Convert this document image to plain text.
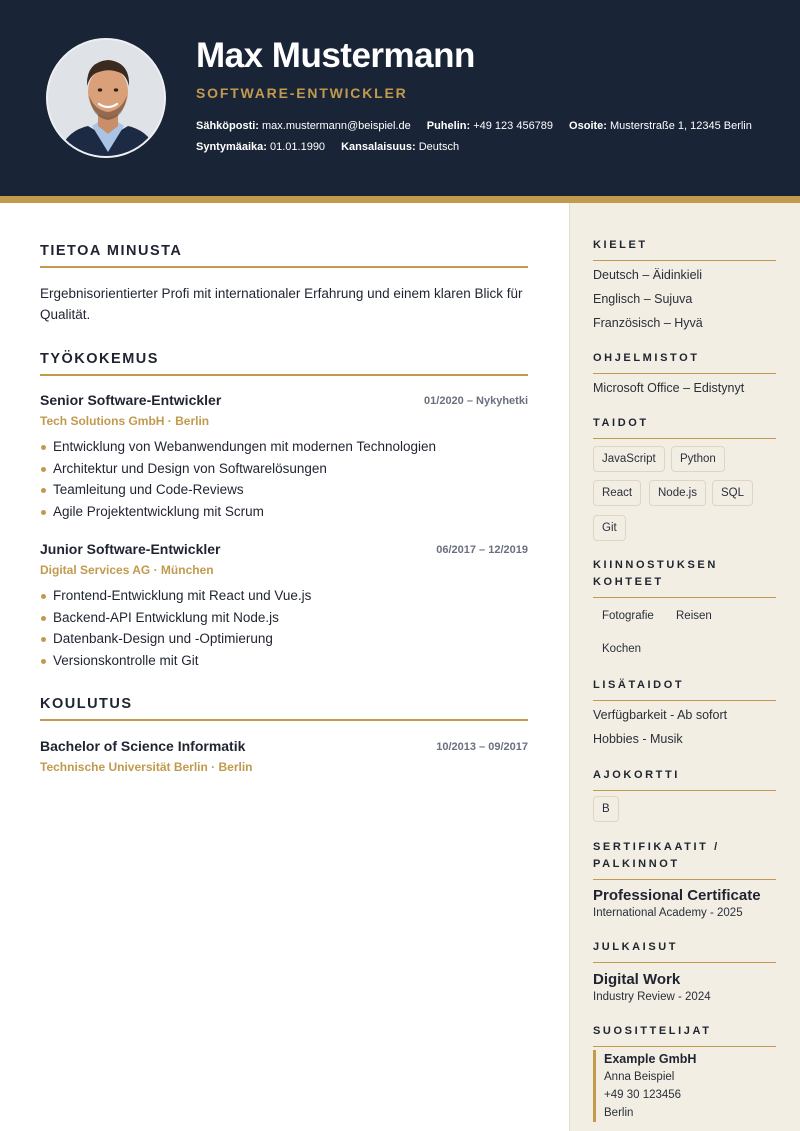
Max Mustermann
SOFTWARE-ENTWICKLER
Sähköposti: max.mustermann@beispiel.de Puhelin: +49 123 456789 Osoite: Musterstraße 1, 12345 Berlin
Syntymäaika: 01.01.1990 Kansalaisuus: Deutsch
TIETOA MINUSTA
Ergebnisorientierter Profi mit internationaler Erfahrung und einem klaren Blick für Qualität.
TYÖKOKEMUS
Senior Software-Entwickler	01/2020 – Nykyhetki
Tech Solutions GmbH · Berlin
Entwicklung von Webanwendungen mit modernen Technologien
Architektur und Design von Softwarelösungen
Teamleitung und Code-Reviews
Agile Projektentwicklung mit Scrum
Junior Software-Entwickler	06/2017 – 12/2019
Digital Services AG · München
Frontend-Entwicklung mit React und Vue.js
Backend-API Entwicklung mit Node.js
Datenbank-Design und -Optimierung
Versionskontrolle mit Git
KOULUTUS
Bachelor of Science Informatik	10/2013 – 09/2017
Technische Universität Berlin · Berlin
KIELET
Deutsch – Äidinkieli
Englisch – Sujuva
Französisch – Hyvä
OHJELMISTOT
Microsoft Office – Edistynyt
TAIDOT
JavaScript	Python
React	Node.js	SQL
Git
KIINNOSTUKSEN
KOHTEET
Fotografie	Reisen
Kochen
LISÄTAIDOT
Verfügbarkeit - Ab sofort
Hobbies - Musik
AJOKORTTI
B
SERTIFIKAATIT /
PALKINNOT
Professional Certificate
International Academy - 2025
JULKAISUT
Digital Work
Industry Review - 2024
SUOSITTELIJAT
Example GmbH
Anna Beispiel
+49 30 123456
Berlin
